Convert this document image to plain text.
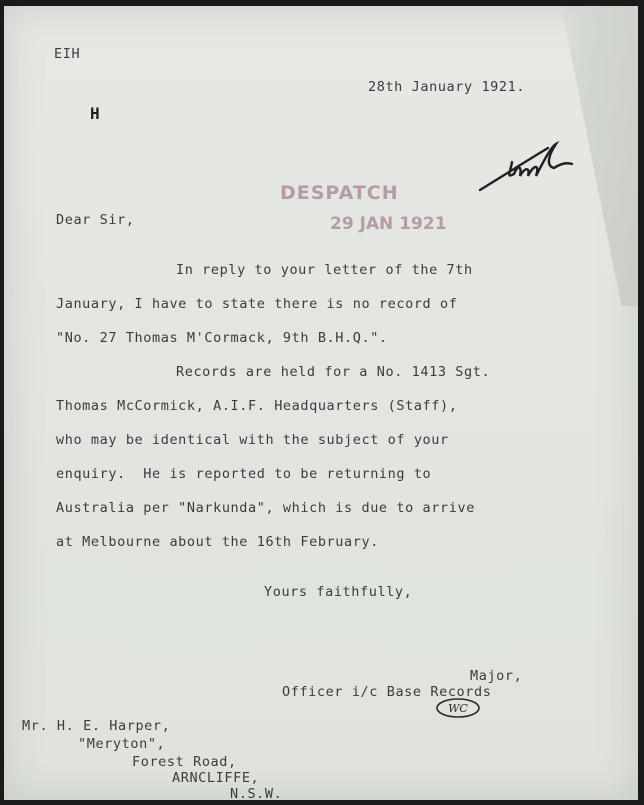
EIH
H
28th January 1921.
DESPATCH
29 JAN 1921
Dear Sir,
In reply to your letter of the 7th
January, I have to state there is no record of
"No. 27 Thomas M'Cormack, 9th B.H.Q.".
Records are held for a No. 1413 Sgt.
Thomas McCormick, A.I.F. Headquarters (Staff),
who may be identical with the subject of your
enquiry.  He is reported to be returning to
Australia per "Narkunda", which is due to arrive
at Melbourne about the 16th February.
Yours faithfully,
Major,
Officer i/c Base Records
WC
Mr. H. E. Harper,
"Meryton",
Forest Road,
ARNCLIFFE,
N.S.W.
